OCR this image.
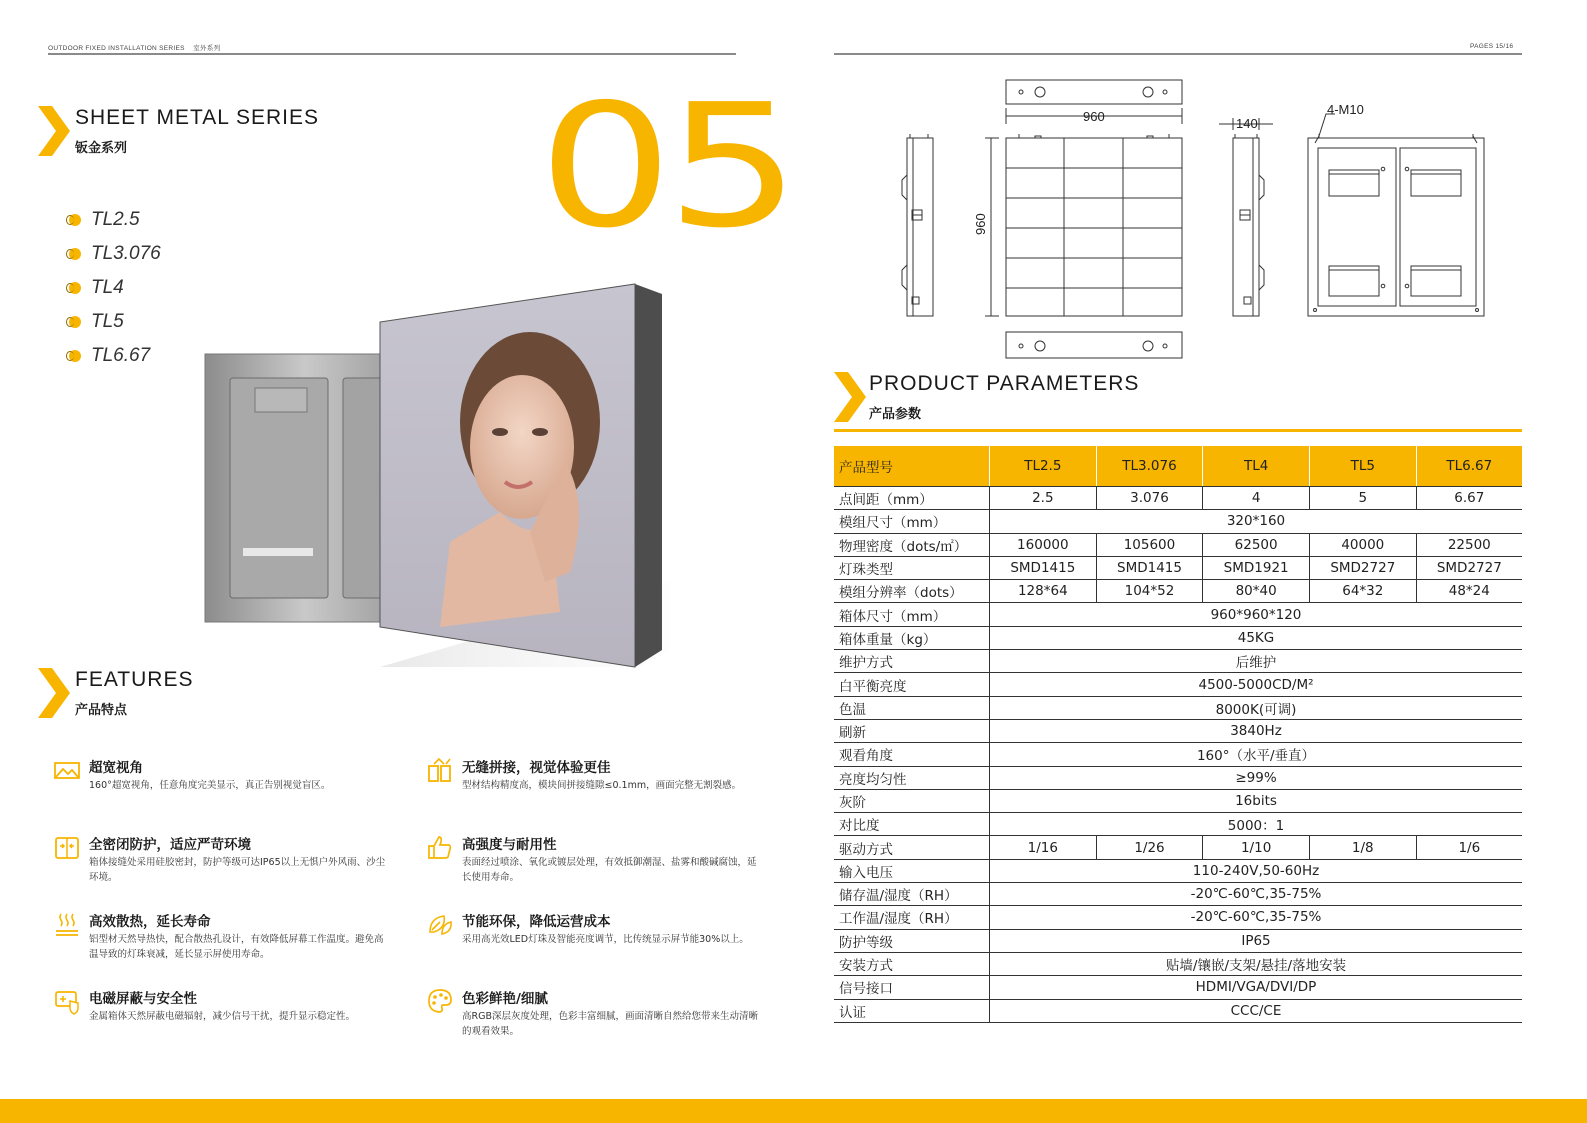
OUTDOOR FIXED INSTALLATION SERIES 室外系列	PAGES 15/16
SHEET METAL SERIES
钣金系列 05
TL2.5
TL3.076
TL4
TL5
TL6.67
FEATURES
产品特点
超宽视角
160°超宽视角，任意角度完美显示，真正告别视觉盲区。
无缝拼接，视觉体验更佳
型材结构精度高，模块间拼接缝隙≤0.1mm，画面完整无割裂感。
全密闭防护，适应严苛环境
箱体接缝处采用硅胶密封，防护等级可达IP65以上无惧户外风雨、沙尘环境。
高强度与耐用性
表面经过喷涂、氧化或镀层处理，有效抵御潮湿、盐雾和酸碱腐蚀，延长使用寿命。
高效散热，延长寿命
铝型材天然导热快，配合散热孔设计，有效降低屏幕工作温度。避免高温导致的灯珠衰减，延长显示屏使用寿命。
节能环保，降低运营成本
采用高光效LED灯珠及智能亮度调节，比传统显示屏节能30%以上。
电磁屏蔽与安全性
金属箱体天然屏蔽电磁辐射，减少信号干扰，提升显示稳定性。
色彩鲜艳/细腻
高RGB深层灰度处理，色彩丰富细腻，画面清晰自然给您带来生动清晰的观看效果。
960
960
140
4-M10
PRODUCT PARAMETERS
产品参数
产品型号	TL2.5	TL3.076	TL4	TL5	TL6.67
点间距（mm）	2.5	3.076	4	5	6.67
模组尺寸（mm）	320*160				
物理密度（dots/㎡）	160000	105600	62500	40000	22500
灯珠类型	SMD1415	SMD1415	SMD1921	SMD2727	SMD2727
模组分辨率（dots）	128*64	104*52	80*40	64*32	48*24
箱体尺寸（mm）	960*960*120				
箱体重量（kg）	45KG				
维护方式	后维护				
白平衡亮度	4500-5000CD/M²				
色温	8000K(可调)				
刷新	3840Hz				
观看角度	160°（水平/垂直）				
亮度均匀性	≥99%				
灰阶	16bits				
对比度	5000：1				
驱动方式	1/16	1/26	1/10	1/8	1/6
输入电压	110-240V,50-60Hz				
储存温/湿度（RH）	-20℃-60℃,35-75%				
工作温/湿度（RH）	-20℃-60℃,35-75%				
防护等级	IP65				
安装方式	贴墙/镶嵌/支架/悬挂/落地安装				
信号接口	HDMI/VGA/DVI/DP				
认证	CCC/CE				
